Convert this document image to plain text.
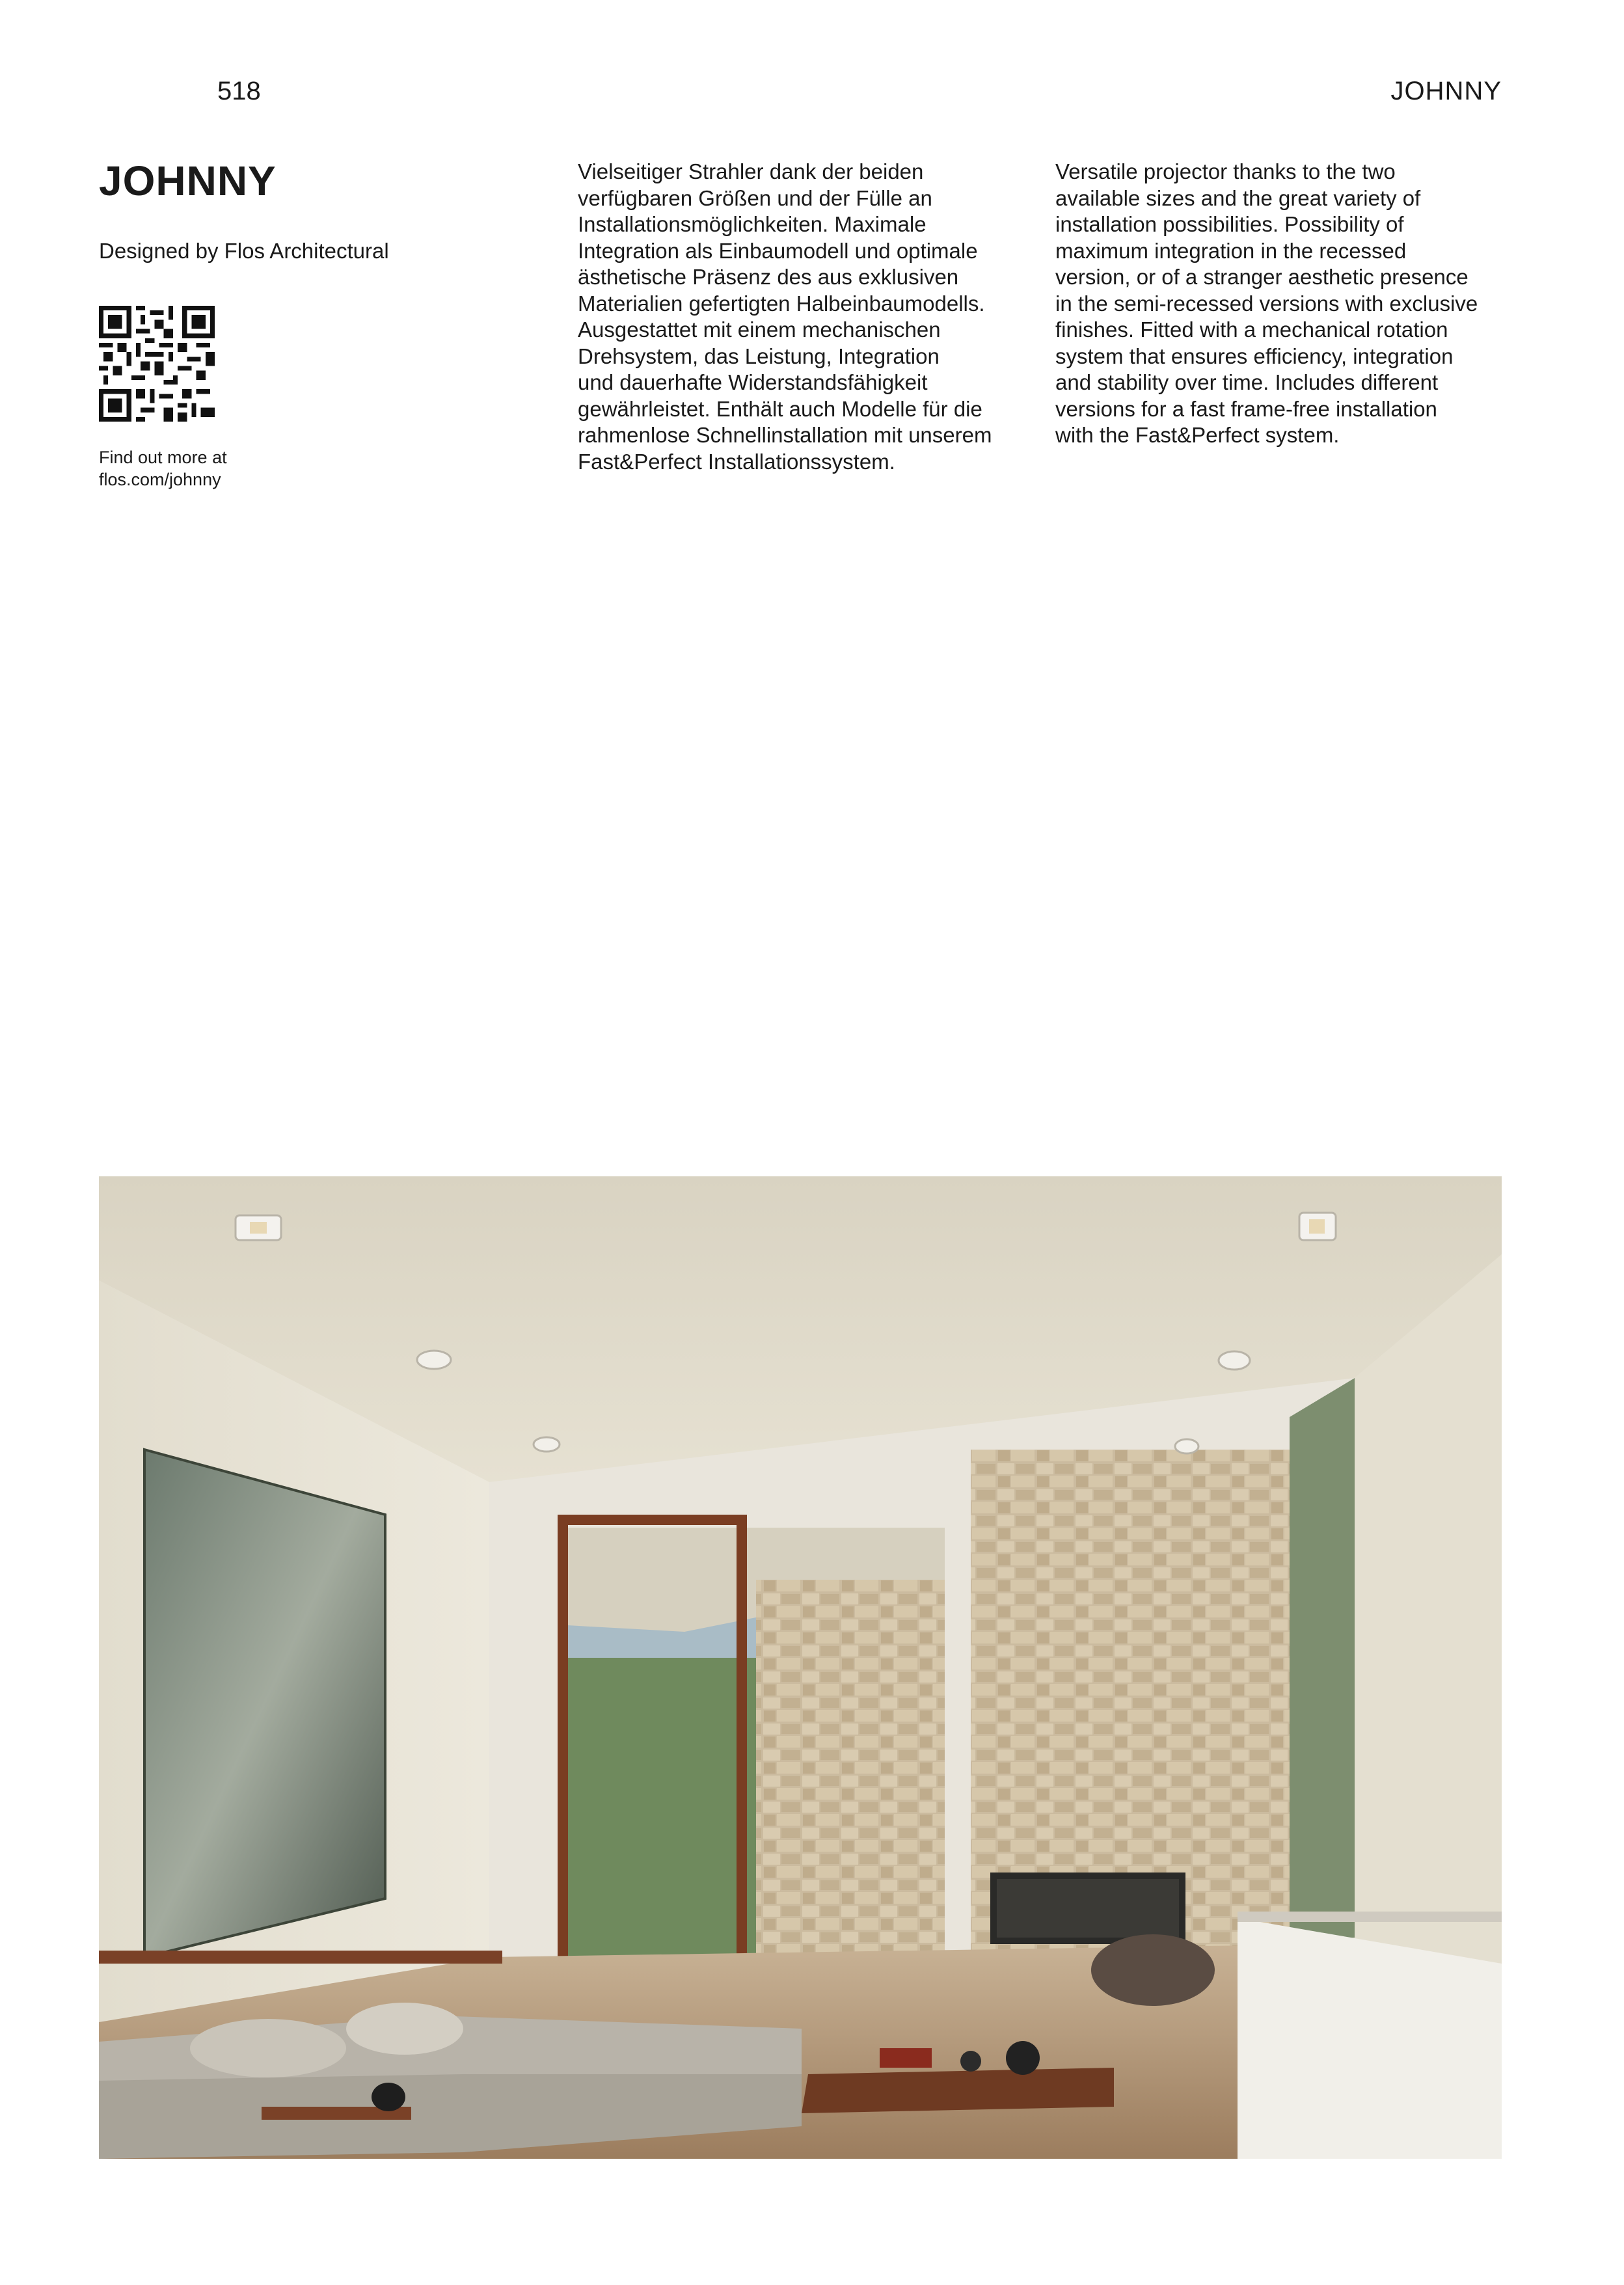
518	JOHNNY
JOHNNY
Designed by Flos Architectural
Find out more at
flos.com/johnny
Vielseitiger Strahler dank der beiden
verfügbaren Größen und der Fülle an
Installationsmöglichkeiten. Maximale
Integration als Einbaumodell und optimale
ästhetische Präsenz des aus exklusiven
Materialien gefertigten Halbeinbaumodells.
Ausgestattet mit einem mechanischen
Drehsystem, das Leistung, Integration
und dauerhafte Widerstandsfähigkeit
gewährleistet. Enthält auch Modelle für die
rahmenlose Schnellinstallation mit unserem
Fast&Perfect Installationssystem.
Versatile projector thanks to the two
available sizes and the great variety of
installation possibilities. Possibility of
maximum integration in the recessed
version, or of a stranger aesthetic presence
in the semi-recessed versions with exclusive
finishes. Fitted with a mechanical rotation
system that ensures efficiency, integration
and stability over time. Includes different
versions for a fast frame-free installation
with the Fast&Perfect system.
